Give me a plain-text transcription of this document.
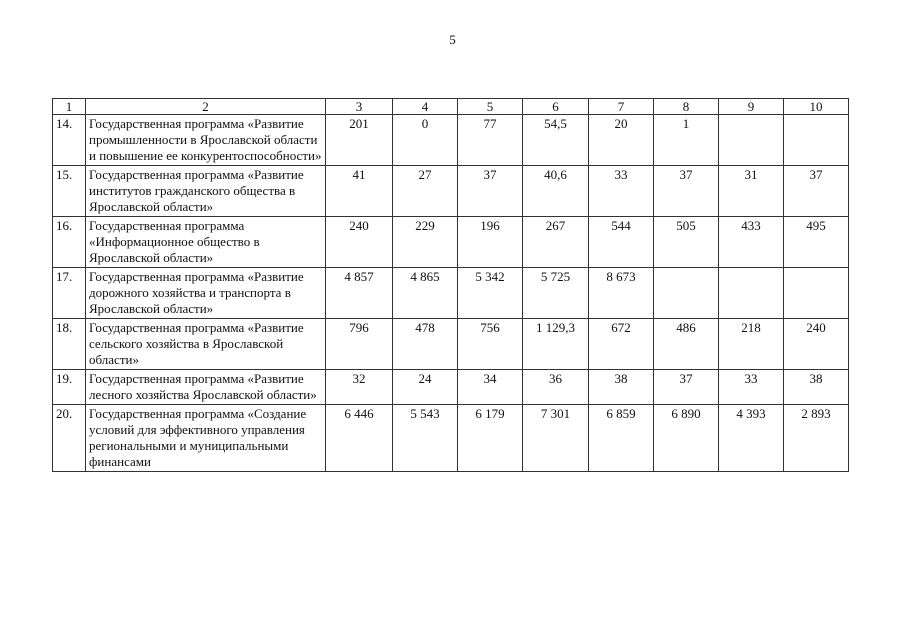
5
1	2	3	4	5	6	7	8	9	10
14.	Государственная программа «Развитие промышленности в Ярославской области и повышение ее конкурентоспособности»	201	0	77	54,5	20	1		
15.	Государственная программа «Развитие институтов гражданского общества в Ярославской области»	41	27	37	40,6	33	37	31	37
16.	Государственная программа «Информационное общество в Ярославской области»	240	229	196	267	544	505	433	495
17.	Государственная программа «Развитие дорожного хозяйства и транспорта в Ярославской области»	4 857	4 865	5 342	5 725	8 673			
18.	Государственная программа «Развитие сельского хозяйства в Ярославской области»	796	478	756	1 129,3	672	486	218	240
19.	Государственная программа «Развитие лесного хозяйства Ярославской области»	32	24	34	36	38	37	33	38
20.	Государственная программа «Создание условий для эффективного управления региональными и муниципальными финансами	6 446	5 543	6 179	7 301	6 859	6 890	4 393	2 893
